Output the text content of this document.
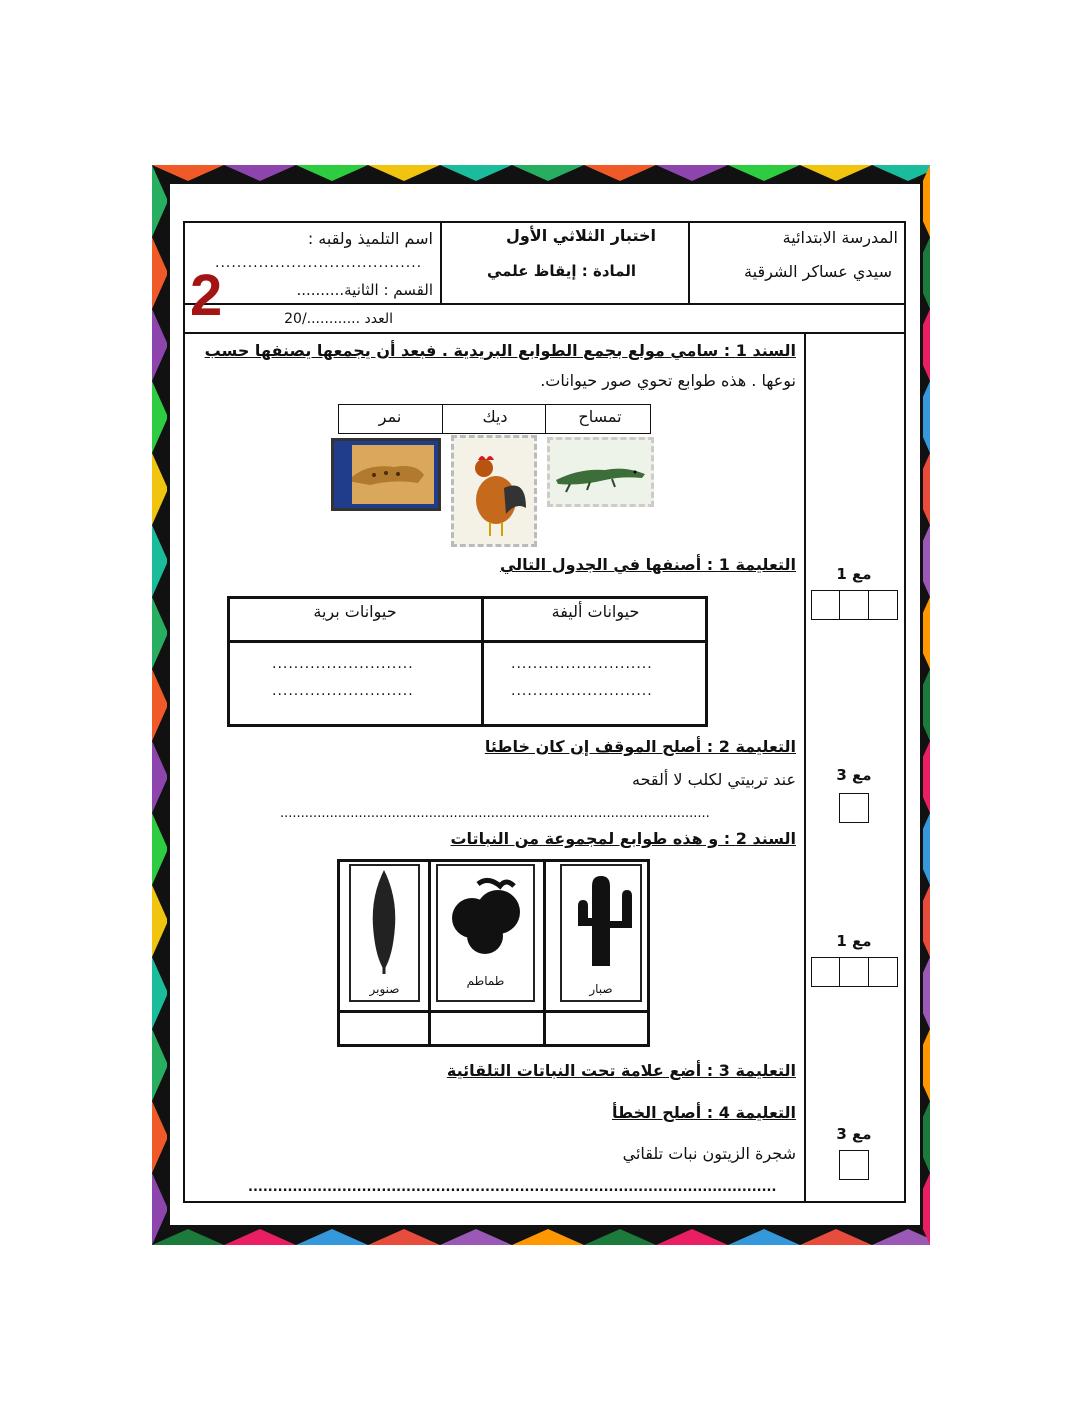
المدرسة الابتدائية
سيدي عساكر الشرقية
اختبار الثلاثي الأول
المادة : إيقاظ علمي
اسم التلميذ ولقبه :
......................................
القسم : الثانية..........
2	العدد ............/20
السند 1 : سامي مولع بجمع الطوابع البريدية . فبعد أن يجمعها يصنفها حسب
نوعها . هذه طوابع تحوي صور حيوانات.
تمساح
ديك
نمر
التعليمة 1 : أصنفها في الجدول التالي
حيوانات أليفة
حيوانات برية
..........................
..........................
..........................
..........................
التعليمة 2 : أصلح الموقف إن كان خاطئا
عند تربيتي لكلب لا ألقحه
........................................................................................................
السند 2 : و هذه طوابع لمجموعة من النباتات
صبار
طماطم
صنوبر
التعليمة 3 : أضع علامة تحت النباتات التلقائية
التعليمة 4 : أصلح الخطأ
شجرة الزيتون نبات تلقائي
...........................................................................................................
مع 1
مع 3
مع 1
مع 3
